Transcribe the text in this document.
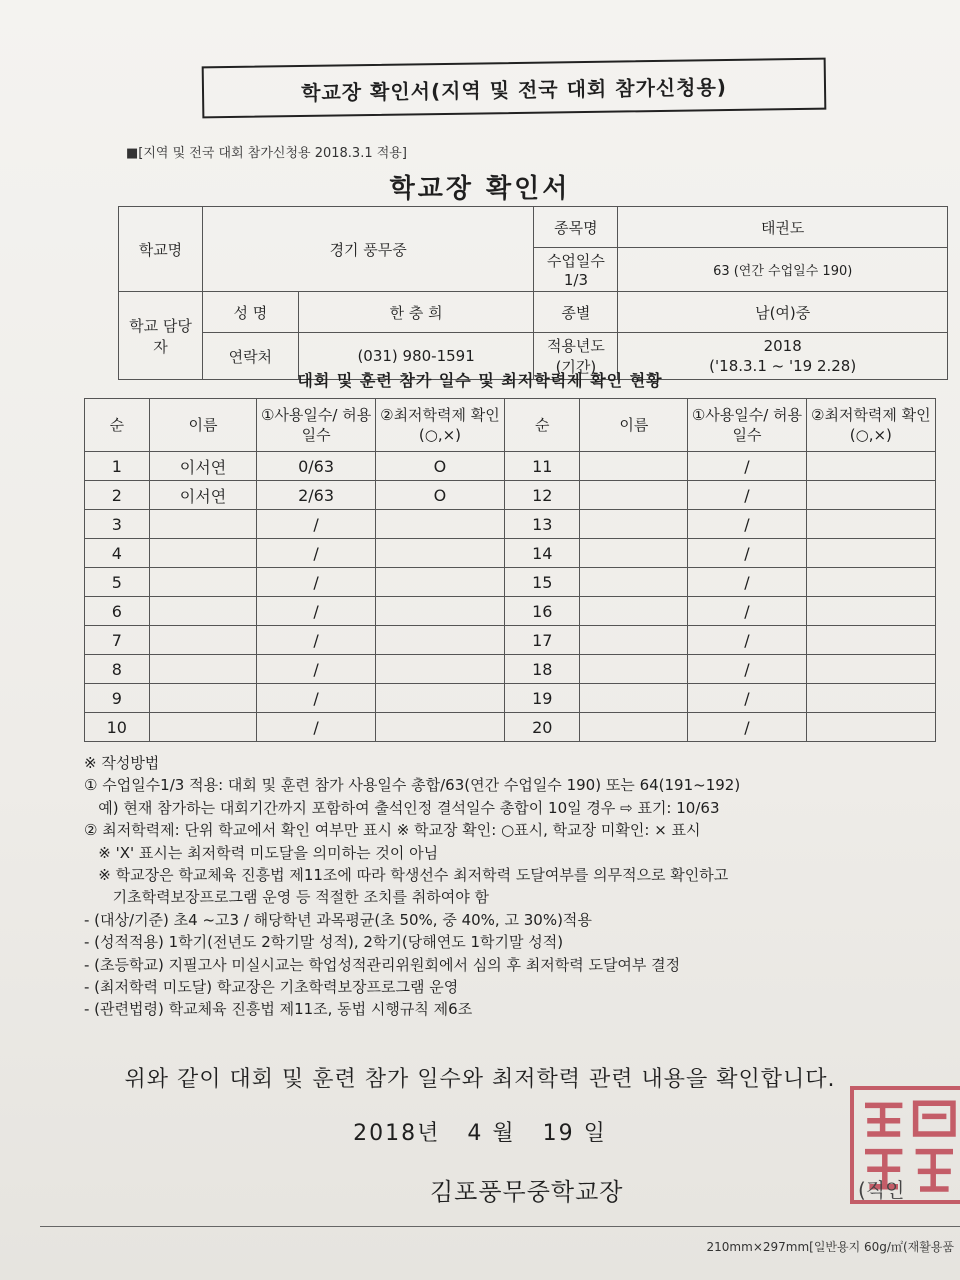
학교장 확인서(지역 및 전국 대회 참가신청용)
■[지역 및 전국 대회 참가신청용 2018.3.1 적용]
학교장 확인서
학교명	경기 풍무중		종목명	태권도
			수업일수 1/3	63 (연간 수업일수 190)
학교 담당자	성 명	한 충 희	종별	남(여)중
	연락처	(031) 980-1591	적용년도 (기간)	2018
('18.3.1 ~ '19 2.28)
대회 및 훈련 참가 일수 및 최저학력제 확인 현황
순	이름	①사용일수/ 허용일수	②최저학력제 확인(○,×)	순	이름	①사용일수/ 허용일수	②최저학력제 확인(○,×)
1	이서연	0/63	O	11		/	
2	이서연	2/63	O	12		/	
3		/		13		/	
4		/		14		/	
5		/		15		/	
6		/		16		/	
7		/		17		/	
8		/		18		/	
9		/		19		/	
10		/		20		/	
※ 작성방법
① 수업일수1/3 적용: 대회 및 훈련 참가 사용일수 총합/63(연간 수업일수 190) 또는 64(191~192)
예) 현재 참가하는 대회기간까지 포함하여 출석인정 결석일수 총합이 10일 경우 ⇨ 표기: 10/63
② 최저학력제: 단위 학교에서 확인 여부만 표시 ※ 학교장 확인: ○표시, 학교장 미확인: × 표시
※ 'X' 표시는 최저학력 미도달을 의미하는 것이 아님
※ 학교장은 학교체육 진흥법 제11조에 따라 학생선수 최저학력 도달여부를 의무적으로 확인하고
기초학력보장프로그램 운영 등 적절한 조치를 취하여야 함
- (대상/기준) 초4 ~고3 / 해당학년 과목평균(초 50%, 중 40%, 고 30%)적용
- (성적적용) 1학기(전년도 2학기말 성적), 2학기(당해연도 1학기말 성적)
- (초등학교) 지필고사 미실시교는 학업성적관리위원회에서 심의 후 최저학력 도달여부 결정
- (최저학력 미도달) 학교장은 기초학력보장프로그램 운영
- (관련법령) 학교체육 진흥법 제11조, 동법 시행규칙 제6조
위와 같이 대회 및 훈련 참가 일수와 최저학력 관련 내용을 확인합니다.
2018년   4 월   19 일
김포풍무중학교장	(직인
210mm×297mm[일반용지 60g/㎡(재활용품
